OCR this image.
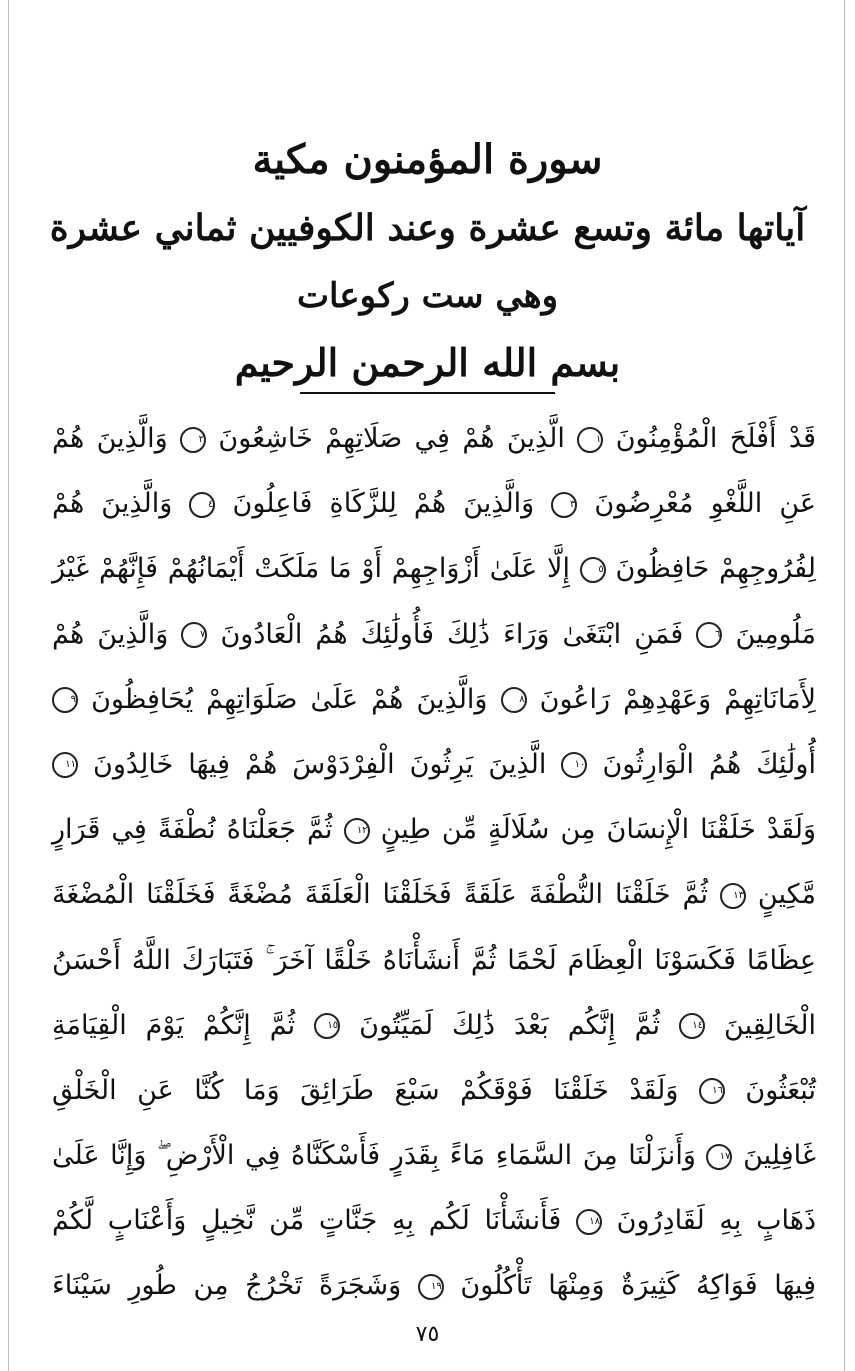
سورة المؤمنون مكية
آياتها مائة وتسع عشرة وعند الكوفيين ثماني عشرة
وهي ست ركوعات
بسم الله الرحمن الرحيم
قَدْ أَفْلَحَ الْمُؤْمِنُونَ ١ الَّذِينَ هُمْ فِي صَلَاتِهِمْ خَاشِعُونَ ٢ وَالَّذِينَ هُمْ
عَنِ اللَّغْوِ مُعْرِضُونَ ٣ وَالَّذِينَ هُمْ لِلزَّكَاةِ فَاعِلُونَ ٤ وَالَّذِينَ هُمْ
لِفُرُوجِهِمْ حَافِظُونَ ٥ إِلَّا عَلَىٰ أَزْوَاجِهِمْ أَوْ مَا مَلَكَتْ أَيْمَانُهُمْ فَإِنَّهُمْ غَيْرُ
مَلُومِينَ ٦ فَمَنِ ابْتَغَىٰ وَرَاءَ ذَٰلِكَ فَأُولَٰئِكَ هُمُ الْعَادُونَ ٧ وَالَّذِينَ هُمْ
لِأَمَانَاتِهِمْ وَعَهْدِهِمْ رَاعُونَ ٨ وَالَّذِينَ هُمْ عَلَىٰ صَلَوَاتِهِمْ يُحَافِظُونَ ٩
أُولَٰئِكَ هُمُ الْوَارِثُونَ ١٠ الَّذِينَ يَرِثُونَ الْفِرْدَوْسَ هُمْ فِيهَا خَالِدُونَ ١١
وَلَقَدْ خَلَقْنَا الْإِنسَانَ مِن سُلَالَةٍ مِّن طِينٍ ١٢ ثُمَّ جَعَلْنَاهُ نُطْفَةً فِي قَرَارٍ
مَّكِينٍ ١٣ ثُمَّ خَلَقْنَا النُّطْفَةَ عَلَقَةً فَخَلَقْنَا الْعَلَقَةَ مُضْغَةً فَخَلَقْنَا الْمُضْغَةَ
عِظَامًا فَكَسَوْنَا الْعِظَامَ لَحْمًا ثُمَّ أَنشَأْنَاهُ خَلْقًا آخَرَ ۚ فَتَبَارَكَ اللَّهُ أَحْسَنُ
الْخَالِقِينَ ١٤ ثُمَّ إِنَّكُم بَعْدَ ذَٰلِكَ لَمَيِّتُونَ ١٥ ثُمَّ إِنَّكُمْ يَوْمَ الْقِيَامَةِ
تُبْعَثُونَ ١٦ وَلَقَدْ خَلَقْنَا فَوْقَكُمْ سَبْعَ طَرَائِقَ وَمَا كُنَّا عَنِ الْخَلْقِ
غَافِلِينَ ١٧ وَأَنزَلْنَا مِنَ السَّمَاءِ مَاءً بِقَدَرٍ فَأَسْكَنَّاهُ فِي الْأَرْضِ ۖ وَإِنَّا عَلَىٰ
ذَهَابٍ بِهِ لَقَادِرُونَ ١٨ فَأَنشَأْنَا لَكُم بِهِ جَنَّاتٍ مِّن نَّخِيلٍ وَأَعْنَابٍ لَّكُمْ
فِيهَا فَوَاكِهُ كَثِيرَةٌ وَمِنْهَا تَأْكُلُونَ ١٩ وَشَجَرَةً تَخْرُجُ مِن طُورِ سَيْنَاءَ
٧٥
